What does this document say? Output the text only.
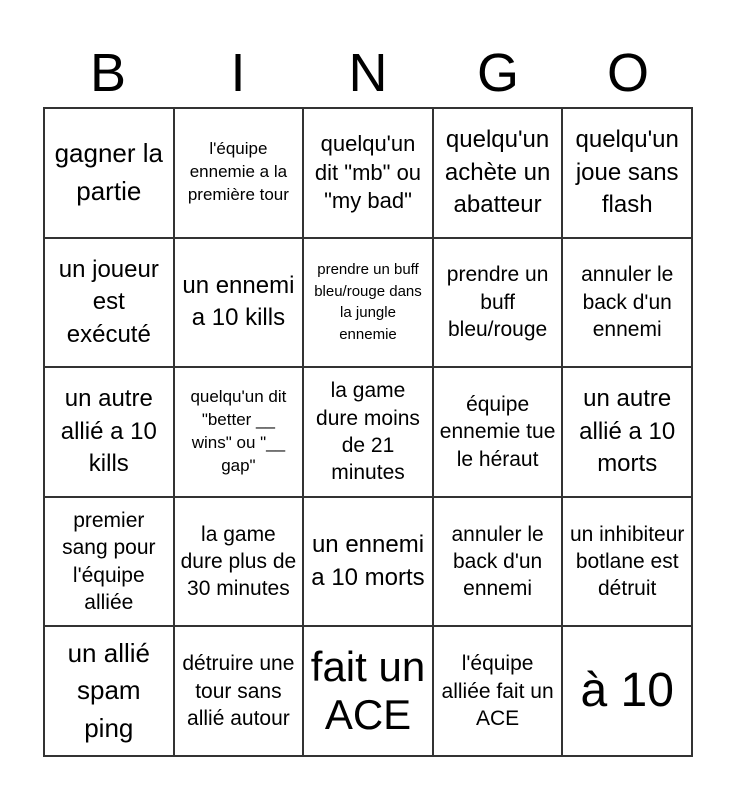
B	I	N	G	O
gagner la partie
l'équipe ennemie a la première tour
quelqu'un dit "mb" ou "my bad"
quelqu'un achète un abatteur
quelqu'un joue sans flash
un joueur est exécuté
un ennemi a 10 kills
prendre un buff bleu/rouge dans la jungle ennemie
prendre un buff bleu/rouge
annuler le back d'un ennemi
un autre allié a 10 kills
quelqu'un dit "better __ wins" ou "__ gap"
la game dure moins de 21 minutes
équipe ennemie tue le héraut
un autre allié a 10 morts
premier sang pour l'équipe alliée
la game dure plus de 30 minutes
un ennemi a 10 morts
annuler le back d'un ennemi
un inhibiteur botlane est détruit
un allié spam ping
détruire une tour sans allié autour
fait un ACE
l'équipe alliée fait un ACE
à 10
